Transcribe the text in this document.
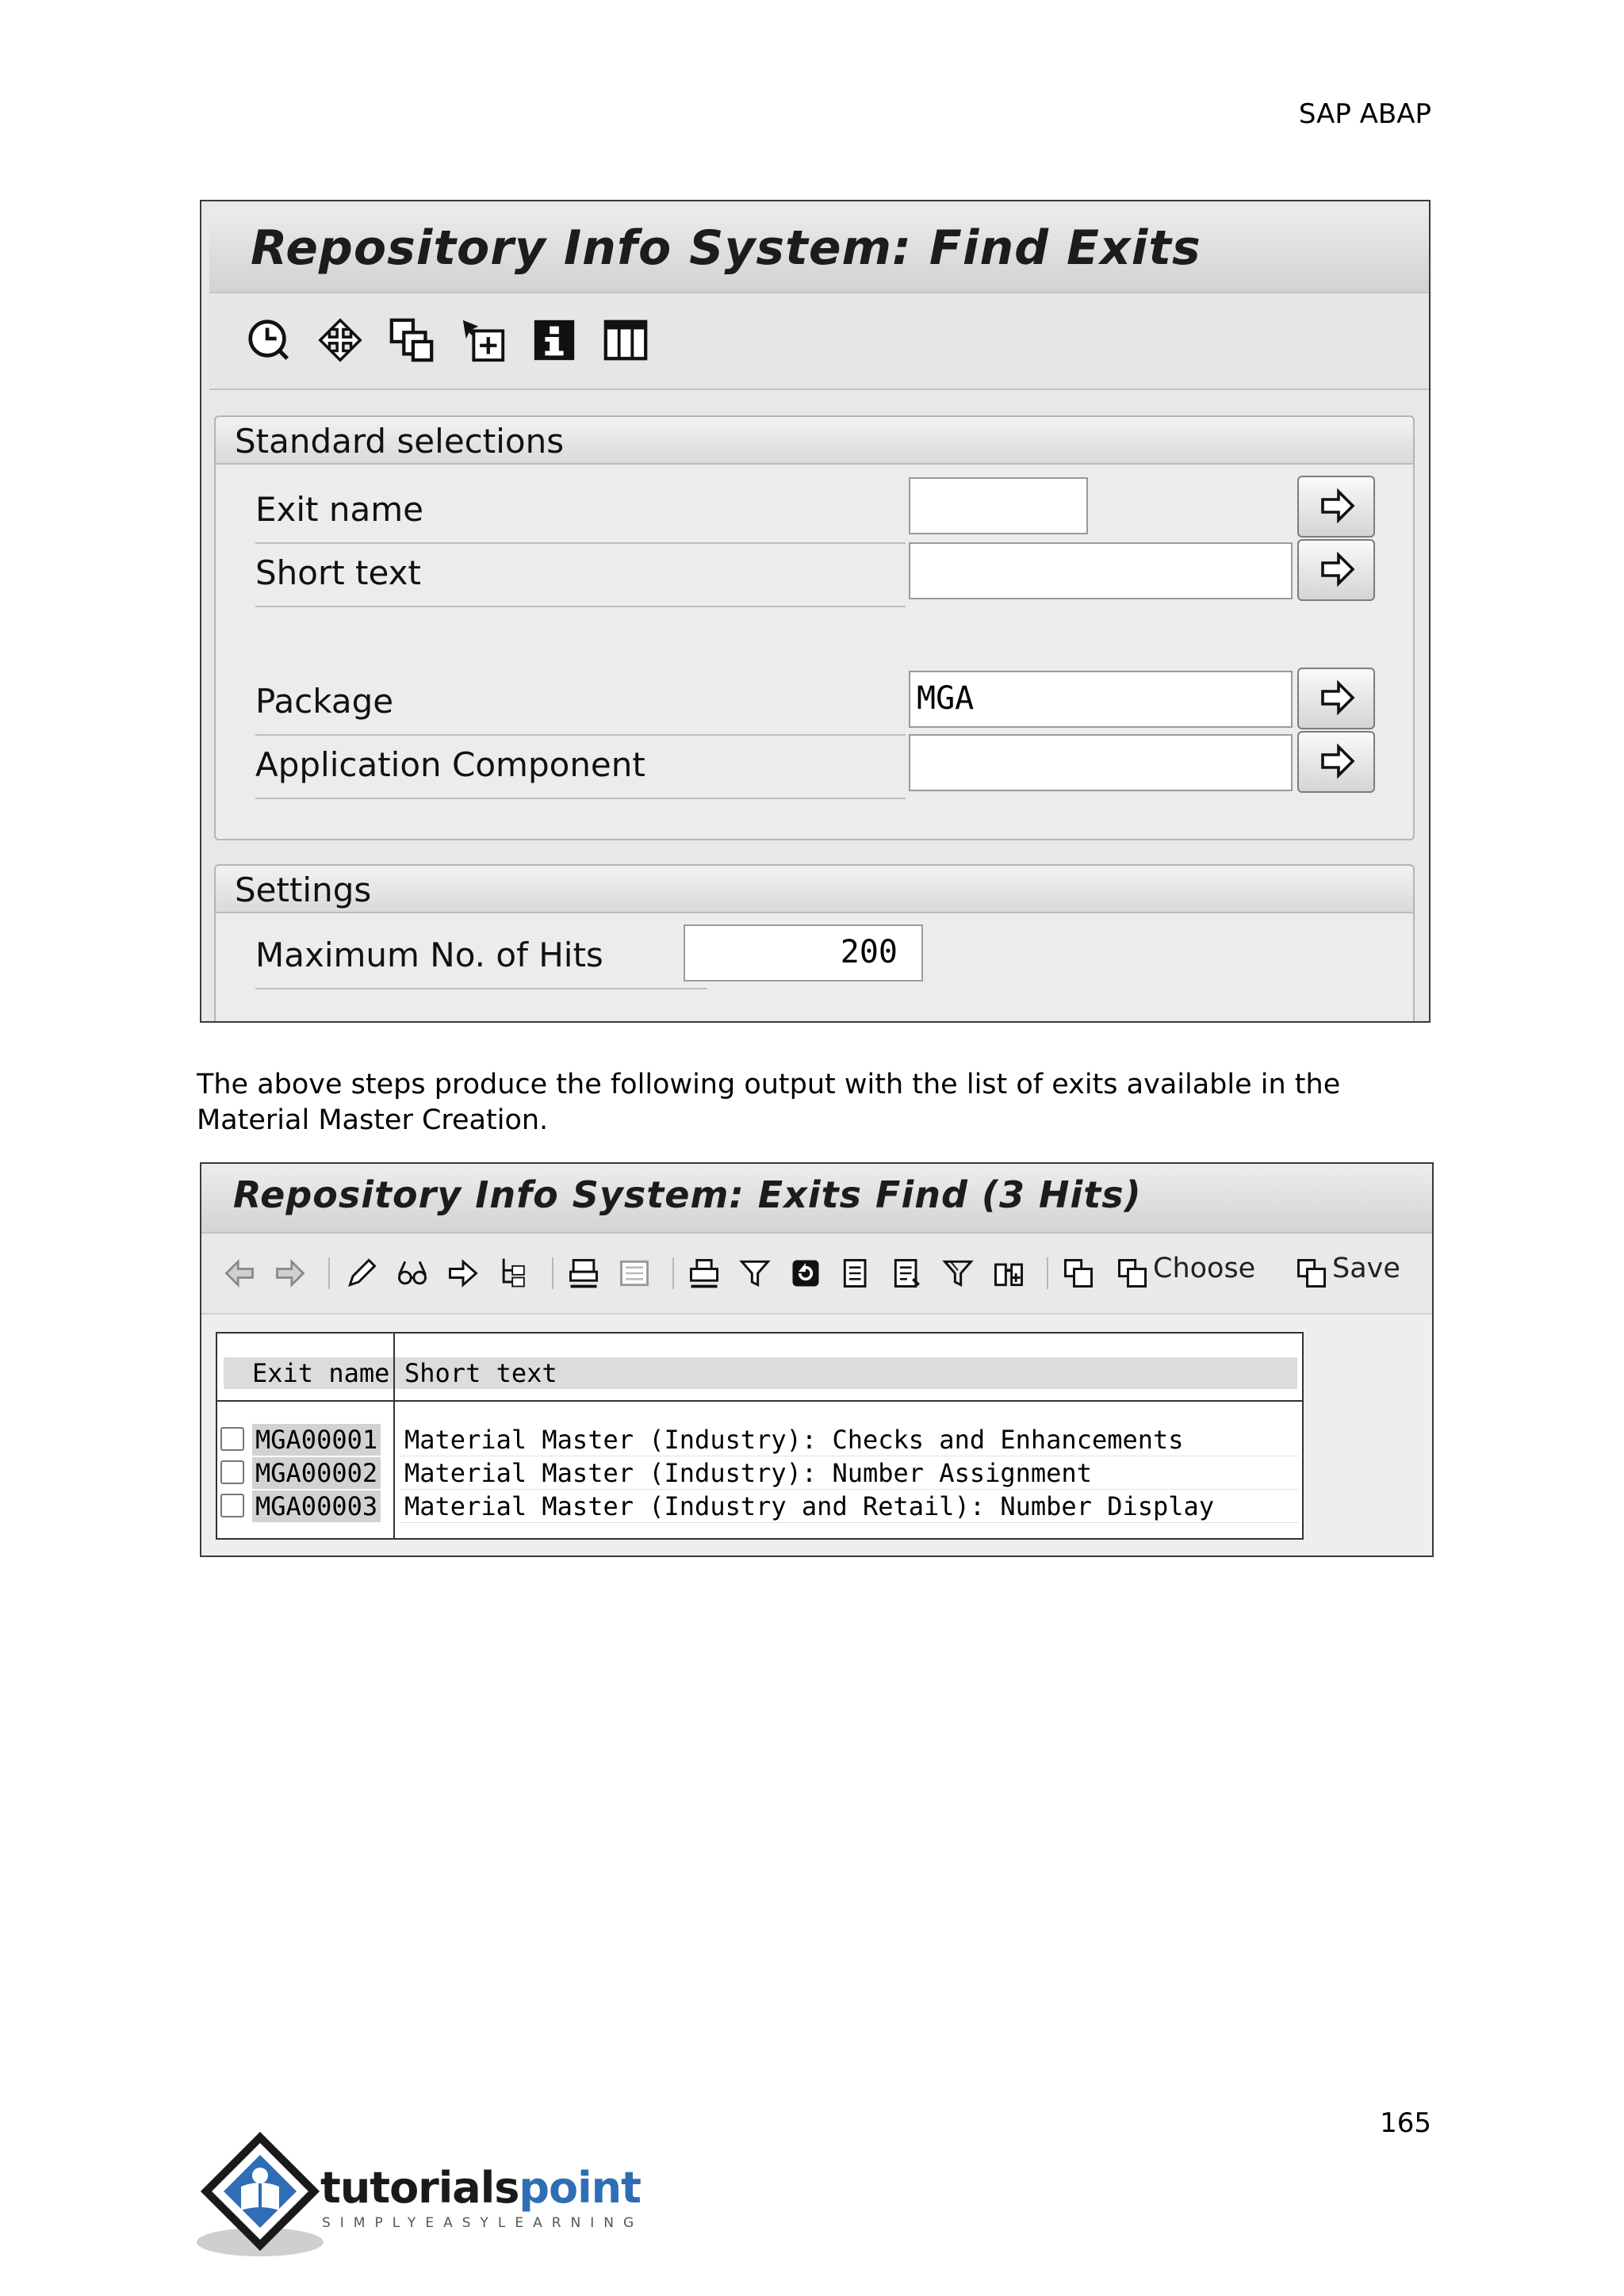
SAP ABAP
Repository Info System: Find Exits
Standard selections
Exit name
Short text
Package	MGA
Application Component
Settings
Maximum No. of Hits	200
The above steps produce the following output with the list of exits available in the Material Master Creation.
Repository Info System: Exits Find (3 Hits)
Choose	Save
Exit name Short text
MGA00001 Material Master (Industry): Checks and Enhancements
MGA00002 Material Master (Industry): Number Assignment
MGA00003 Material Master (Industry and Retail): Number Display
165
tutorialspoint
SIMPLYEASYLEARNING
